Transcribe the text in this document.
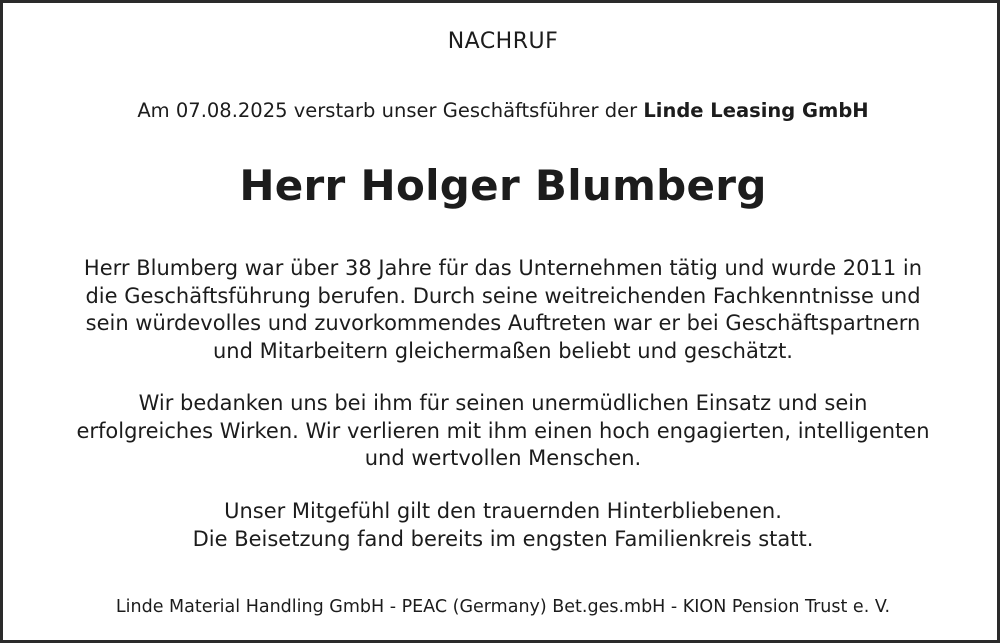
NACHRUF
Am 07.08.2025 verstarb unser Geschäftsführer der Linde Leasing GmbH
Herr Holger Blumberg
Herr Blumberg war über 38 Jahre für das Unternehmen tätig und wurde 2011 in
die Geschäftsführung berufen. Durch seine weitreichenden Fachkenntnisse und
sein würdevolles und zuvorkommendes Auftreten war er bei Geschäftspartnern
und Mitarbeitern gleichermaßen beliebt und geschätzt.
Wir bedanken uns bei ihm für seinen unermüdlichen Einsatz und sein
erfolgreiches Wirken. Wir verlieren mit ihm einen hoch engagierten, intelligenten
und wertvollen Menschen.
Unser Mitgefühl gilt den trauernden Hinterbliebenen.
Die Beisetzung fand bereits im engsten Familienkreis statt.
Linde Material Handling GmbH - PEAC (Germany) Bet.ges.mbH - KION Pension Trust e. V.
